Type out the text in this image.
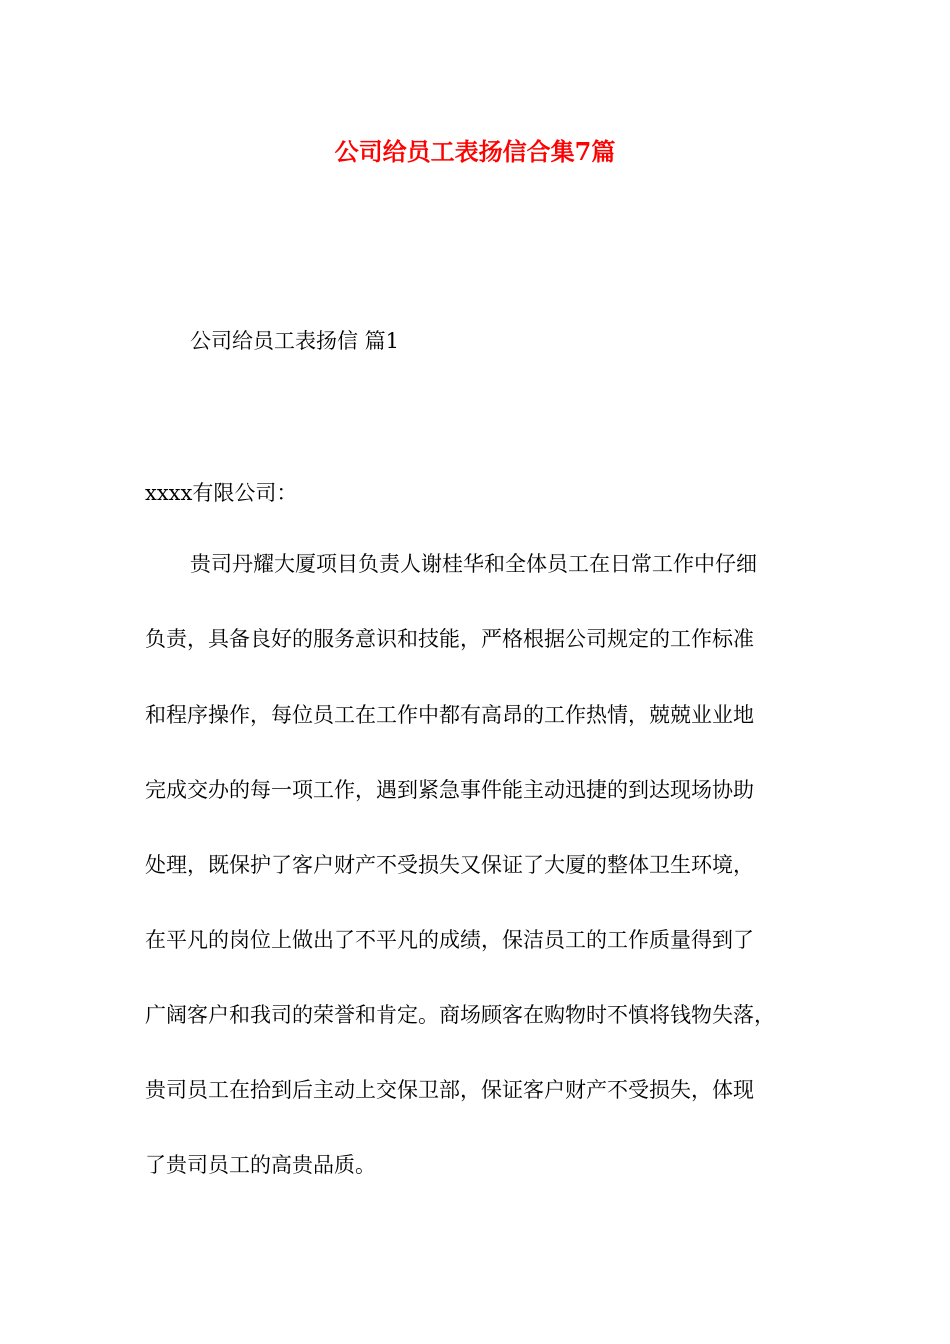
公司给员工表扬信合集7篇

公司给员工表扬信 篇1

xxxx有限公司：

贵司丹耀大厦项目负责人谢桂华和全体员工在日常工作中仔细

负责，具备良好的服务意识和技能，严格根据公司规定的工作标准

和程序操作，每位员工在工作中都有高昂的工作热情，兢兢业业地

完成交办的每一项工作，遇到紧急事件能主动迅捷的到达现场协助

处理，既保护了客户财产不受损失又保证了大厦的整体卫生环境，

在平凡的岗位上做出了不平凡的成绩，保洁员工的工作质量得到了

广阔客户和我司的荣誉和肯定。商场顾客在购物时不慎将钱物失落，

贵司员工在拾到后主动上交保卫部，保证客户财产不受损失，体现

了贵司员工的高贵品质。
